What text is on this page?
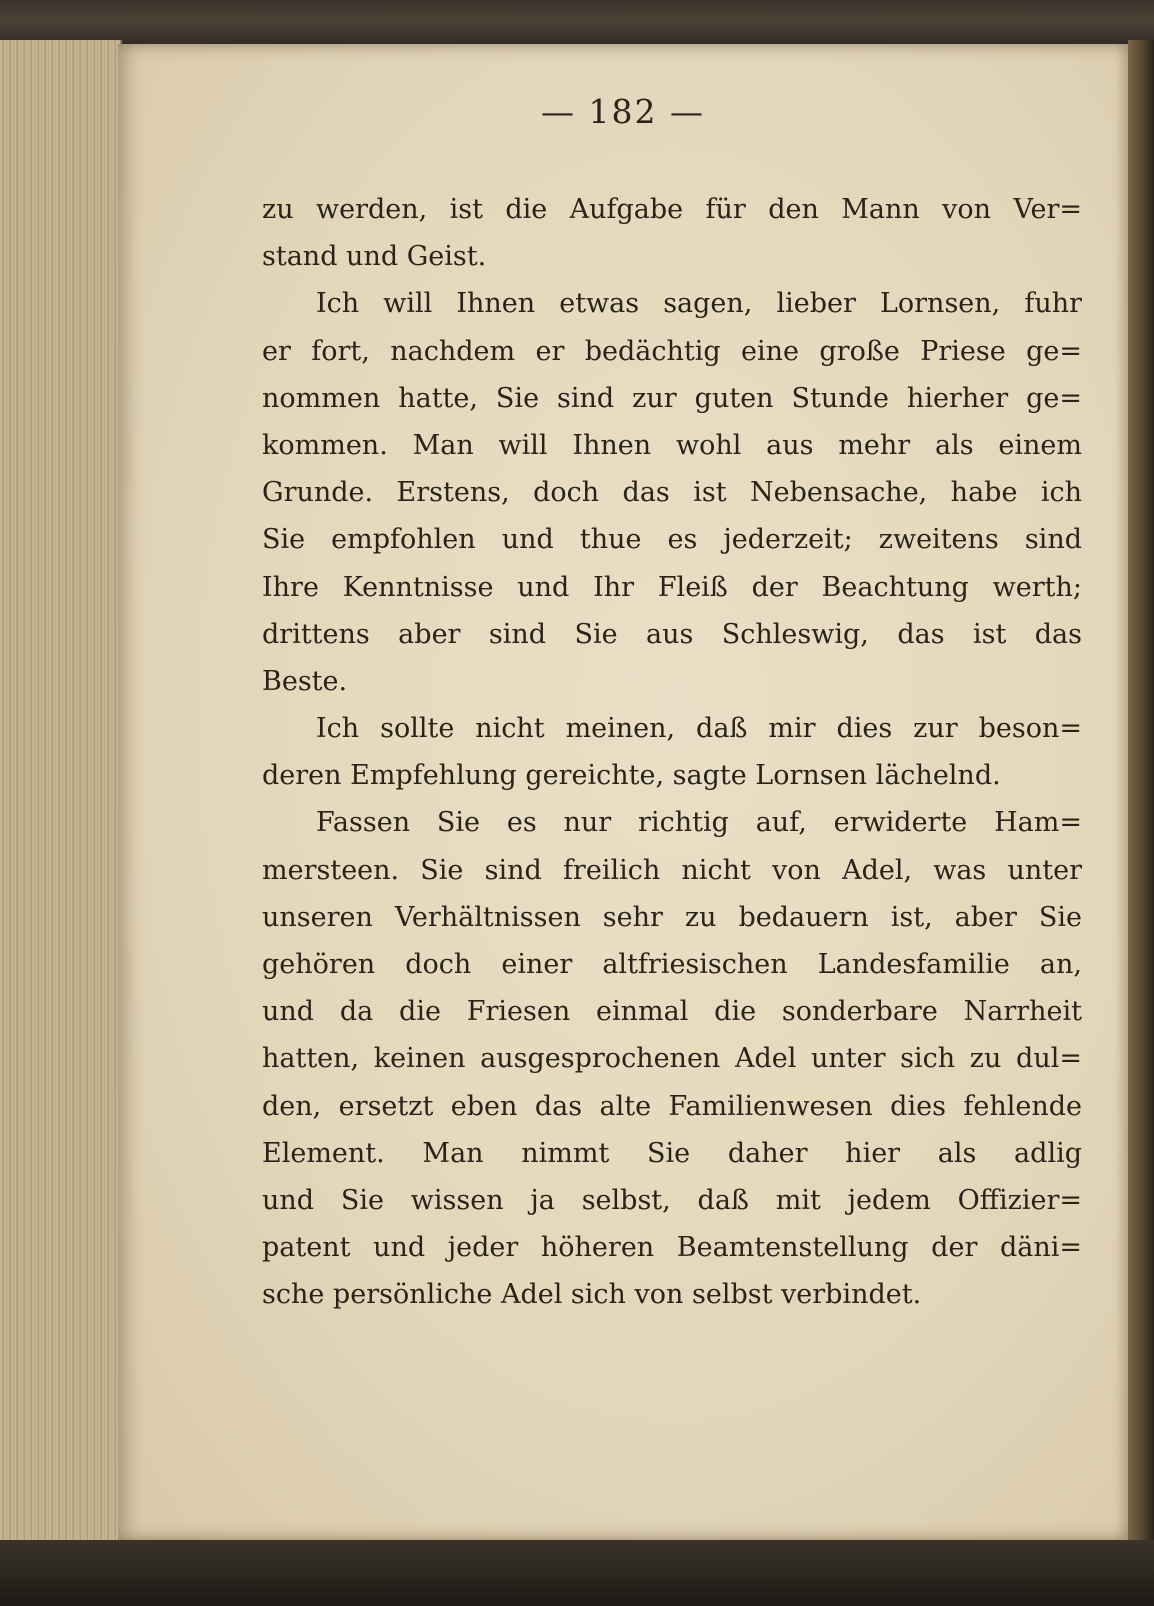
— 182 —
zu werden, ist die Aufgabe für den Mann von Ver=
stand und Geist.
Ich will Ihnen etwas sagen, lieber Lornsen, fuhr
er fort, nachdem er bedächtig eine große Priese ge=
nommen hatte, Sie sind zur guten Stunde hierher ge=
kommen. Man will Ihnen wohl aus mehr als einem
Grunde. Erstens, doch das ist Nebensache, habe ich
Sie empfohlen und thue es jederzeit; zweitens sind
Ihre Kenntnisse und Ihr Fleiß der Beachtung werth;
drittens aber sind Sie aus Schleswig, das ist das
Beste.
Ich sollte nicht meinen, daß mir dies zur beson=
deren Empfehlung gereichte, sagte Lornsen lächelnd.
Fassen Sie es nur richtig auf, erwiderte Ham=
mersteen. Sie sind freilich nicht von Adel, was unter
unseren Verhältnissen sehr zu bedauern ist, aber Sie
gehören doch einer altfriesischen Landesfamilie an,
und da die Friesen einmal die sonderbare Narrheit
hatten, keinen ausgesprochenen Adel unter sich zu dul=
den, ersetzt eben das alte Familienwesen dies fehlende
Element. Man nimmt Sie daher hier als adlig
und Sie wissen ja selbst, daß mit jedem Offizier=
patent und jeder höheren Beamtenstellung der däni=
sche persönliche Adel sich von selbst verbindet.
